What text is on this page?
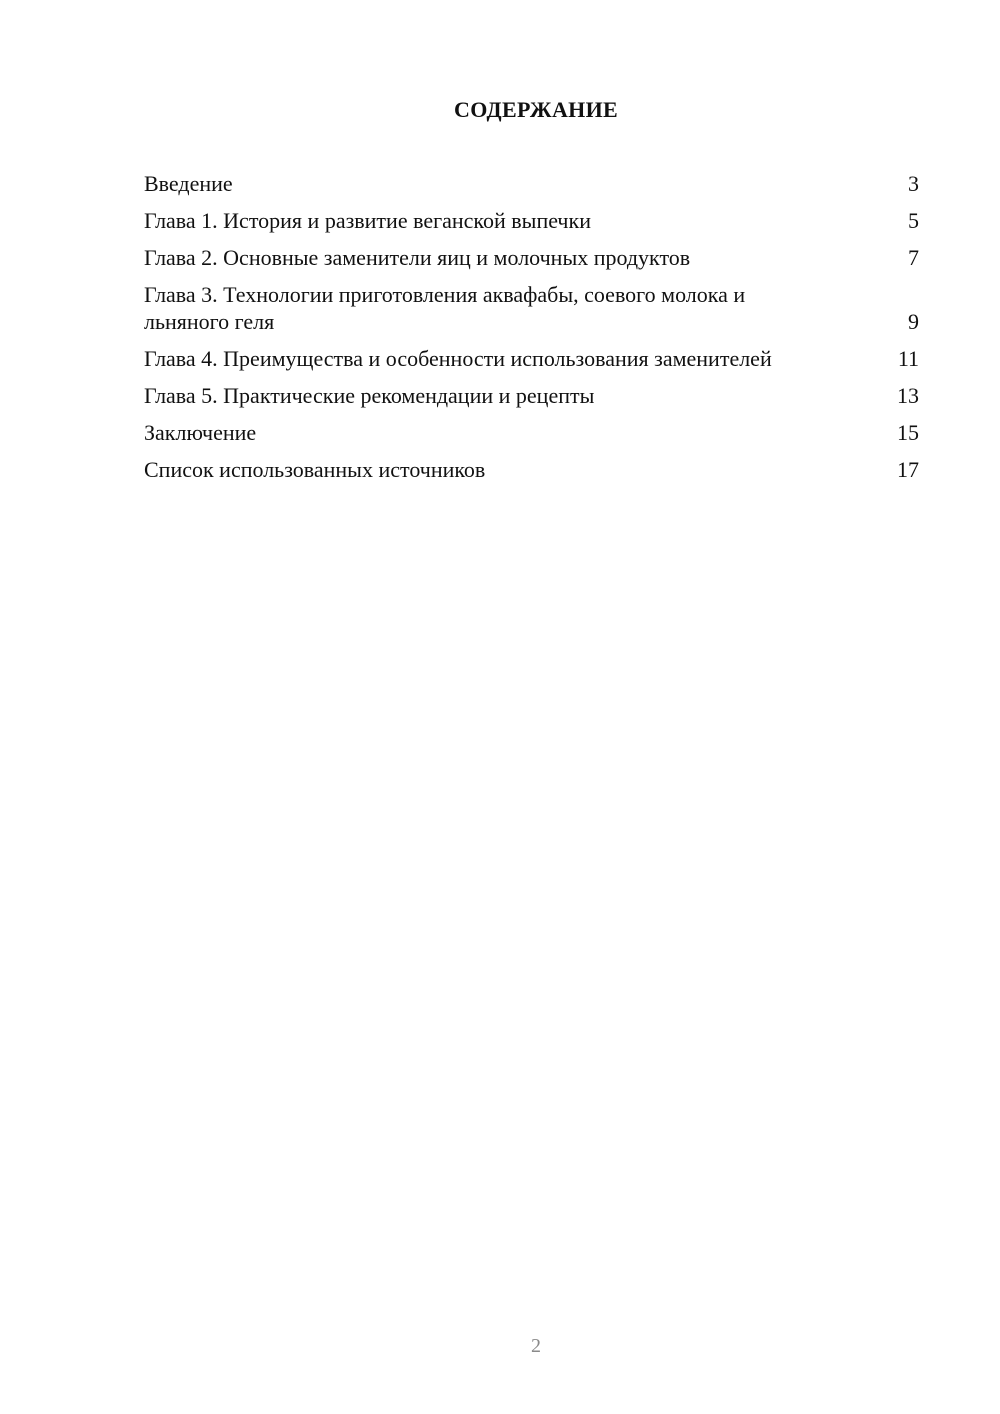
СОДЕРЖАНИЕ
Введение	3
Глава 1. История и развитие веганской выпечки	5
Глава 2. Основные заменители яиц и молочных продуктов	7
Глава 3. Технологии приготовления аквафабы, соевого молока и льняного геля	9
Глава 4. Преимущества и особенности использования заменителей	11
Глава 5. Практические рекомендации и рецепты	13
Заключение	15
Список использованных источников	17
2
